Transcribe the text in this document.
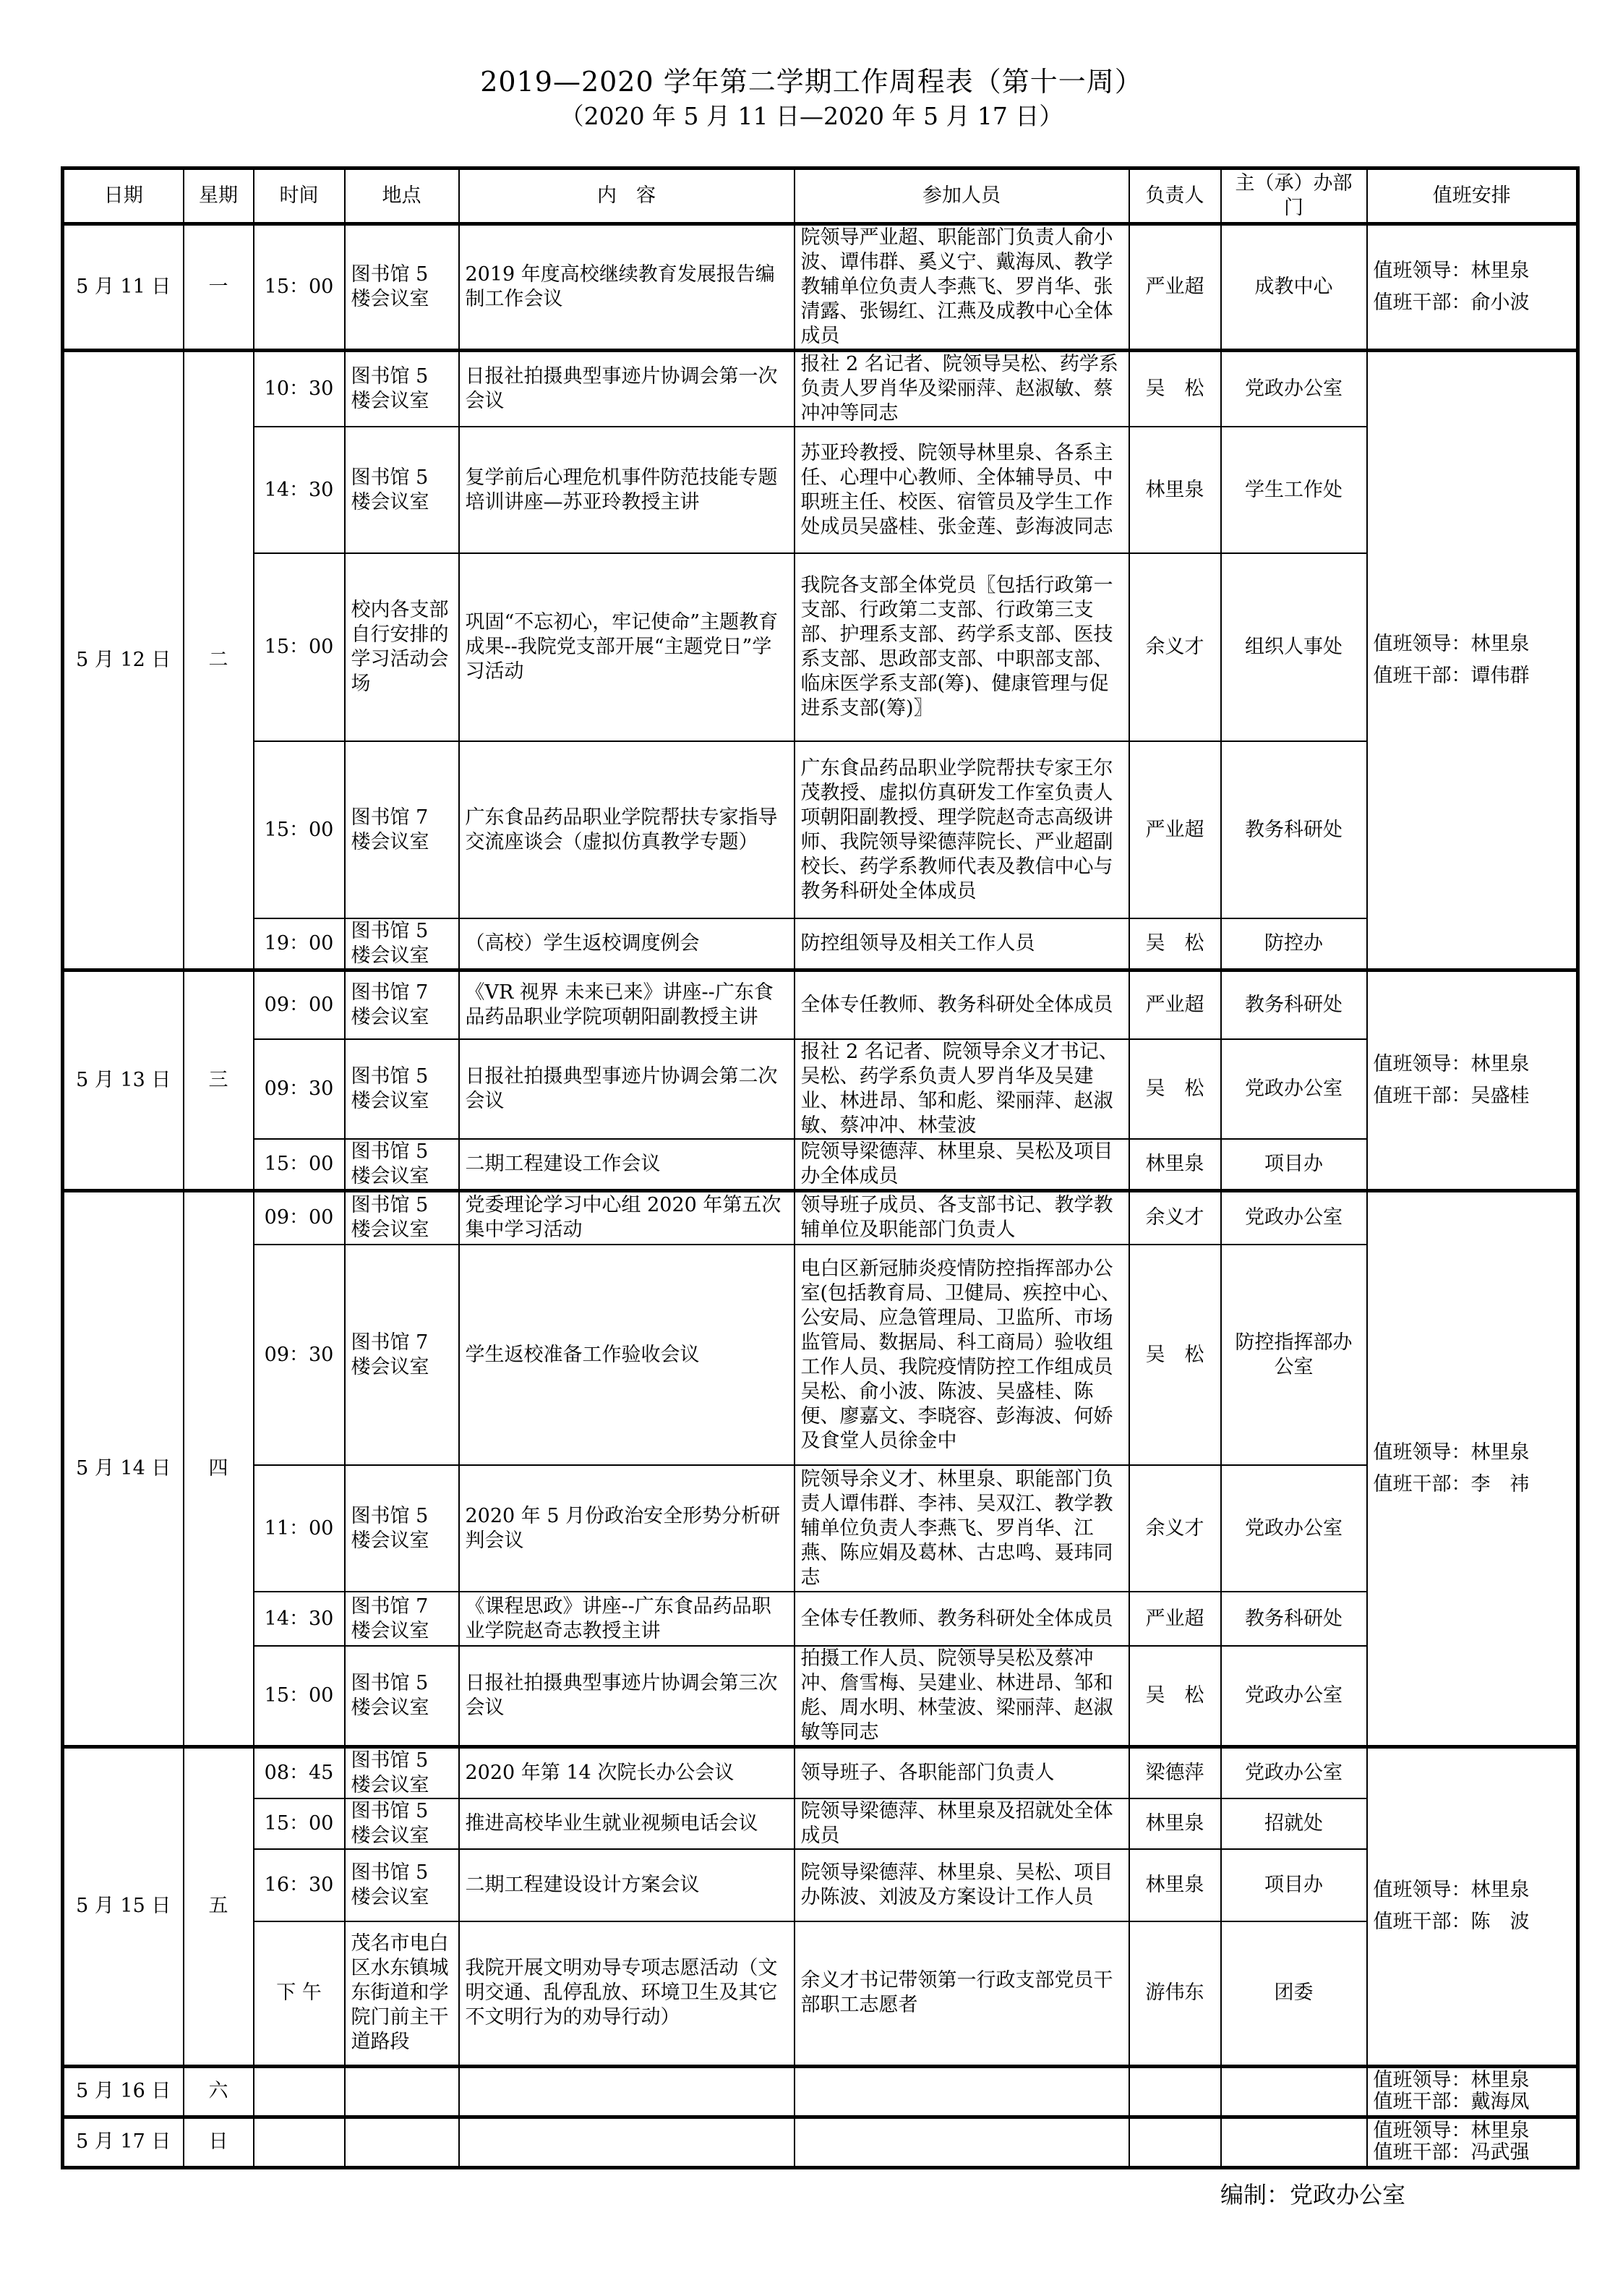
2019—2020 学年第二学期工作周程表（第十一周）
（2020 年 5 月 11 日—2020 年 5 月 17 日）
日期	星期	时间	地点	内　容	参加人员	负责人	主（承）办部门	值班安排
5 月 11 日	一	15：00	图书馆 5 楼会议室	2019 年度高校继续教育发展报告编制工作会议	院领导严业超、职能部门负责人俞小波、谭伟群、奚义宁、戴海凤、教学教辅单位负责人李燕飞、罗肖华、张清露、张锡红、江燕及成教中心全体成员	严业超	成教中心	值班领导：林里泉
值班干部：俞小波

5 月 12 日	二	10：30	图书馆 5 楼会议室	日报社拍摄典型事迹片协调会第一次会议	报社 2 名记者、院领导吴松、药学系负责人罗肖华及梁丽萍、赵淑敏、蔡冲冲等同志	吴　松	党政办公室	值班领导：林里泉
值班干部：谭伟群

		14：30	图书馆 5 楼会议室	复学前后心理危机事件防范技能专题培训讲座—苏亚玲教授主讲	苏亚玲教授、院领导林里泉、各系主任、心理中心教师、全体辅导员、中职班主任、校医、宿管员及学生工作处成员吴盛桂、张金莲、彭海波同志	林里泉	学生工作处	
		15：00	校内各支部自行安排的学习活动会场	巩固“不忘初心，牢记使命”主题教育成果--我院党支部开展“主题党日”学习活动	我院各支部全体党员〖包括行政第一支部、行政第二支部、行政第三支部、护理系支部、药学系支部、医技系支部、思政部支部、中职部支部、临床医学系支部(筹)、健康管理与促进系支部(筹)〗	余义才	组织人事处	
		15：00	图书馆 7 楼会议室	广东食品药品职业学院帮扶专家指导交流座谈会（虚拟仿真教学专题）	广东食品药品职业学院帮扶专家王尔茂教授、虚拟仿真研发工作室负责人项朝阳副教授、理学院赵奇志高级讲师、我院领导梁德萍院长、严业超副校长、药学系教师代表及教信中心与教务科研处全体成员	严业超	教务科研处	
		19：00	图书馆 5 楼会议室	（高校）学生返校调度例会	防控组领导及相关工作人员	吴　松	防控办	
5 月 13 日	三	09：00	图书馆 7 楼会议室	《VR 视界 未来已来》讲座--广东食品药品职业学院项朝阳副教授主讲	全体专任教师、教务科研处全体成员	严业超	教务科研处	值班领导：林里泉
值班干部：吴盛桂

		09：30	图书馆 5 楼会议室	日报社拍摄典型事迹片协调会第二次会议	报社 2 名记者、院领导余义才书记、吴松、药学系负责人罗肖华及吴建业、林进昂、邹和彪、梁丽萍、赵淑敏、蔡冲冲、林莹波	吴　松	党政办公室	
		15：00	图书馆 5 楼会议室	二期工程建设工作会议	院领导梁德萍、林里泉、吴松及项目办全体成员	林里泉	项目办	
5 月 14 日	四	09：00	图书馆 5 楼会议室	党委理论学习中心组 2020 年第五次集中学习活动	领导班子成员、各支部书记、教学教辅单位及职能部门负责人	余义才	党政办公室	值班领导：林里泉
值班干部：李　祎

		09：30	图书馆 7 楼会议室	学生返校准备工作验收会议	电白区新冠肺炎疫情防控指挥部办公室(包括教育局、卫健局、疾控中心、公安局、应急管理局、卫监所、市场监管局、数据局、科工商局）验收组工作人员、我院疫情防控工作组成员吴松、俞小波、陈波、吴盛桂、陈便、廖嘉文、李晓容、彭海波、何娇及食堂人员徐金中	吴　松	防控指挥部办公室	
		11：00	图书馆 5 楼会议室	2020 年 5 月份政治安全形势分析研判会议	院领导余义才、林里泉、职能部门负责人谭伟群、李祎、吴双江、教学教辅单位负责人李燕飞、罗肖华、江燕、陈应娟及葛林、古忠鸣、聂玮同志	余义才	党政办公室	
		14：30	图书馆 7 楼会议室	《课程思政》讲座--广东食品药品职业学院赵奇志教授主讲	全体专任教师、教务科研处全体成员	严业超	教务科研处	
		15：00	图书馆 5 楼会议室	日报社拍摄典型事迹片协调会第三次会议	拍摄工作人员、院领导吴松及蔡冲冲、詹雪梅、吴建业、林进昂、邹和彪、周水明、林莹波、梁丽萍、赵淑敏等同志	吴　松	党政办公室	
5 月 15 日	五	08：45	图书馆 5 楼会议室	2020 年第 14 次院长办公会议	领导班子、各职能部门负责人	梁德萍	党政办公室	值班领导：林里泉
值班干部：陈　波

		15：00	图书馆 5 楼会议室	推进高校毕业生就业视频电话会议	院领导梁德萍、林里泉及招就处全体成员	林里泉	招就处	
		16：30	图书馆 5 楼会议室	二期工程建设设计方案会议	院领导梁德萍、林里泉、吴松、项目办陈波、刘波及方案设计工作人员	林里泉	项目办	
		下 午	茂名市电白区水东镇城东街道和学院门前主干道路段	我院开展文明劝导专项志愿活动（文明交通、乱停乱放、环境卫生及其它不文明行为的劝导行动）	余义才书记带领第一行政支部党员干部职工志愿者	游伟东	团委	
5 月 16 日	六							值班领导：林里泉
值班干部：戴海凤

5 月 17 日	日							值班领导：林里泉
值班干部：冯武强
编制：党政办公室
